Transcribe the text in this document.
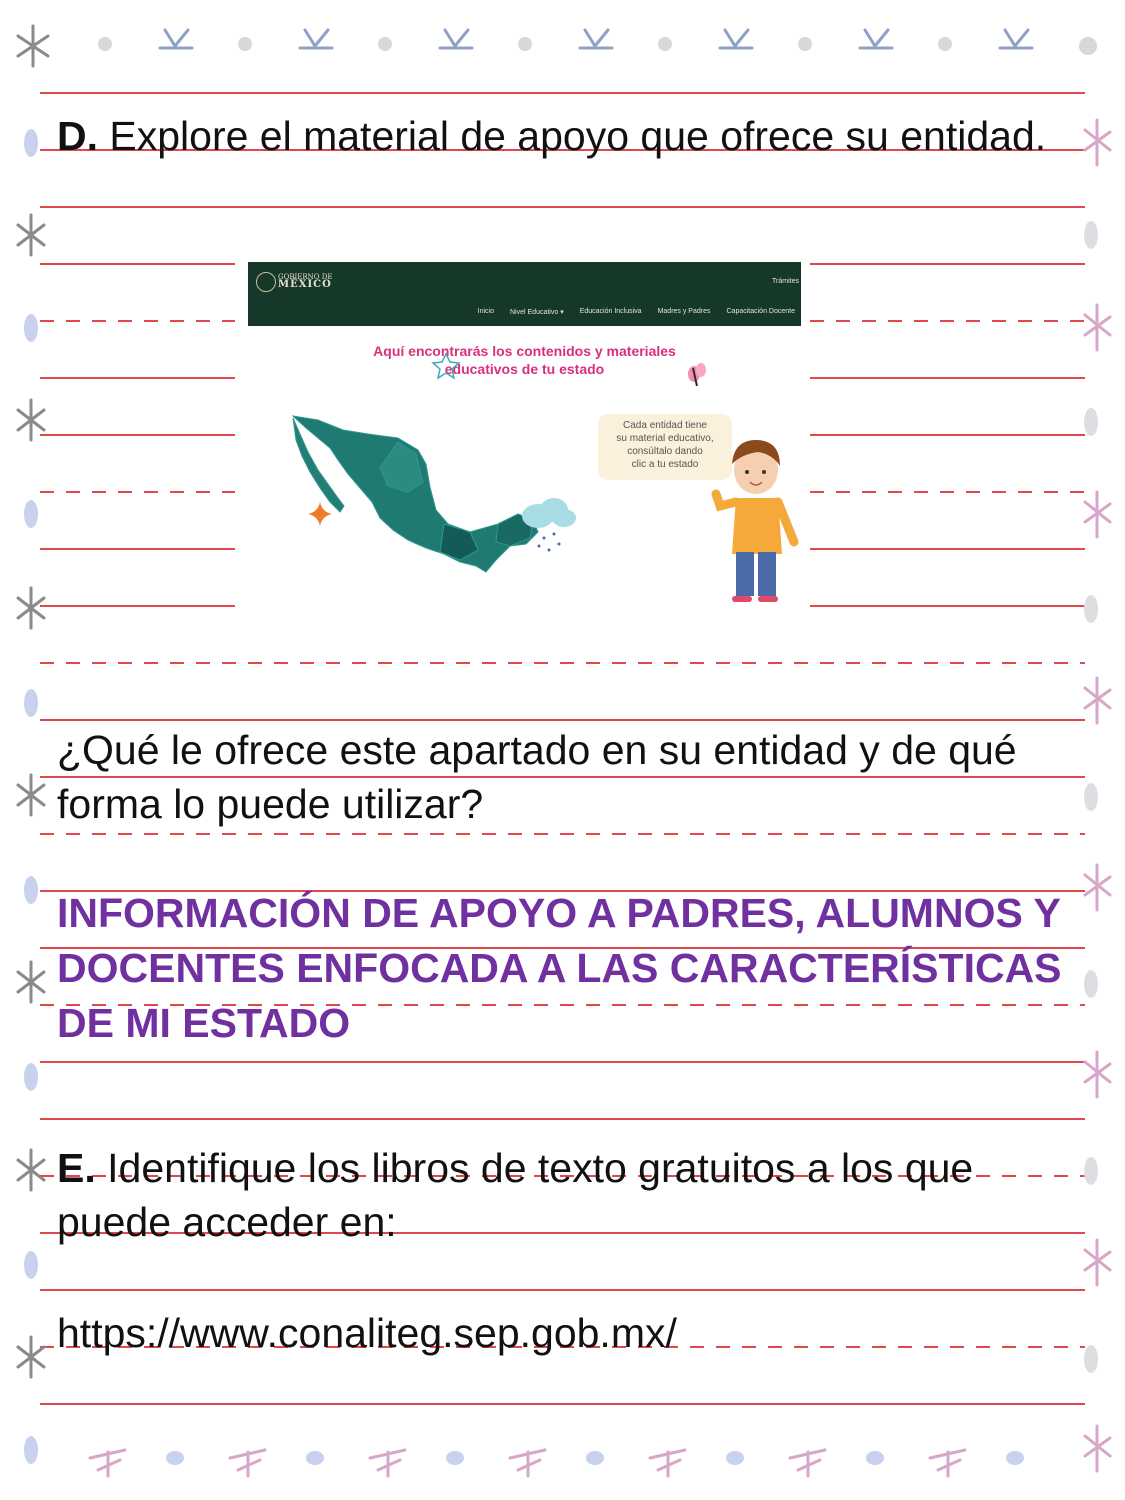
D. Explore el material de apoyo que ofrece su entidad.

GOBIERNO DE
MÉXICO	Trámites
Inicio Nivel Educativo ▾ Educación Inclusiva Madres y Padres Capacitación Docente
Aquí encontrarás los contenidos y materiales
educativos de tu estado
Cada entidad tiene
su material educativo,
consúltalo dando
clic a tu estado

¿Qué le ofrece este apartado en su entidad y de qué forma lo puede utilizar?

INFORMACIÓN DE APOYO A PADRES, ALUMNOS Y DOCENTES ENFOCADA A LAS CARACTERÍSTICAS DE MI ESTADO

E. Identifique los libros de texto gratuitos a los que puede acceder en:

https://www.conaliteg.sep.gob.mx/
